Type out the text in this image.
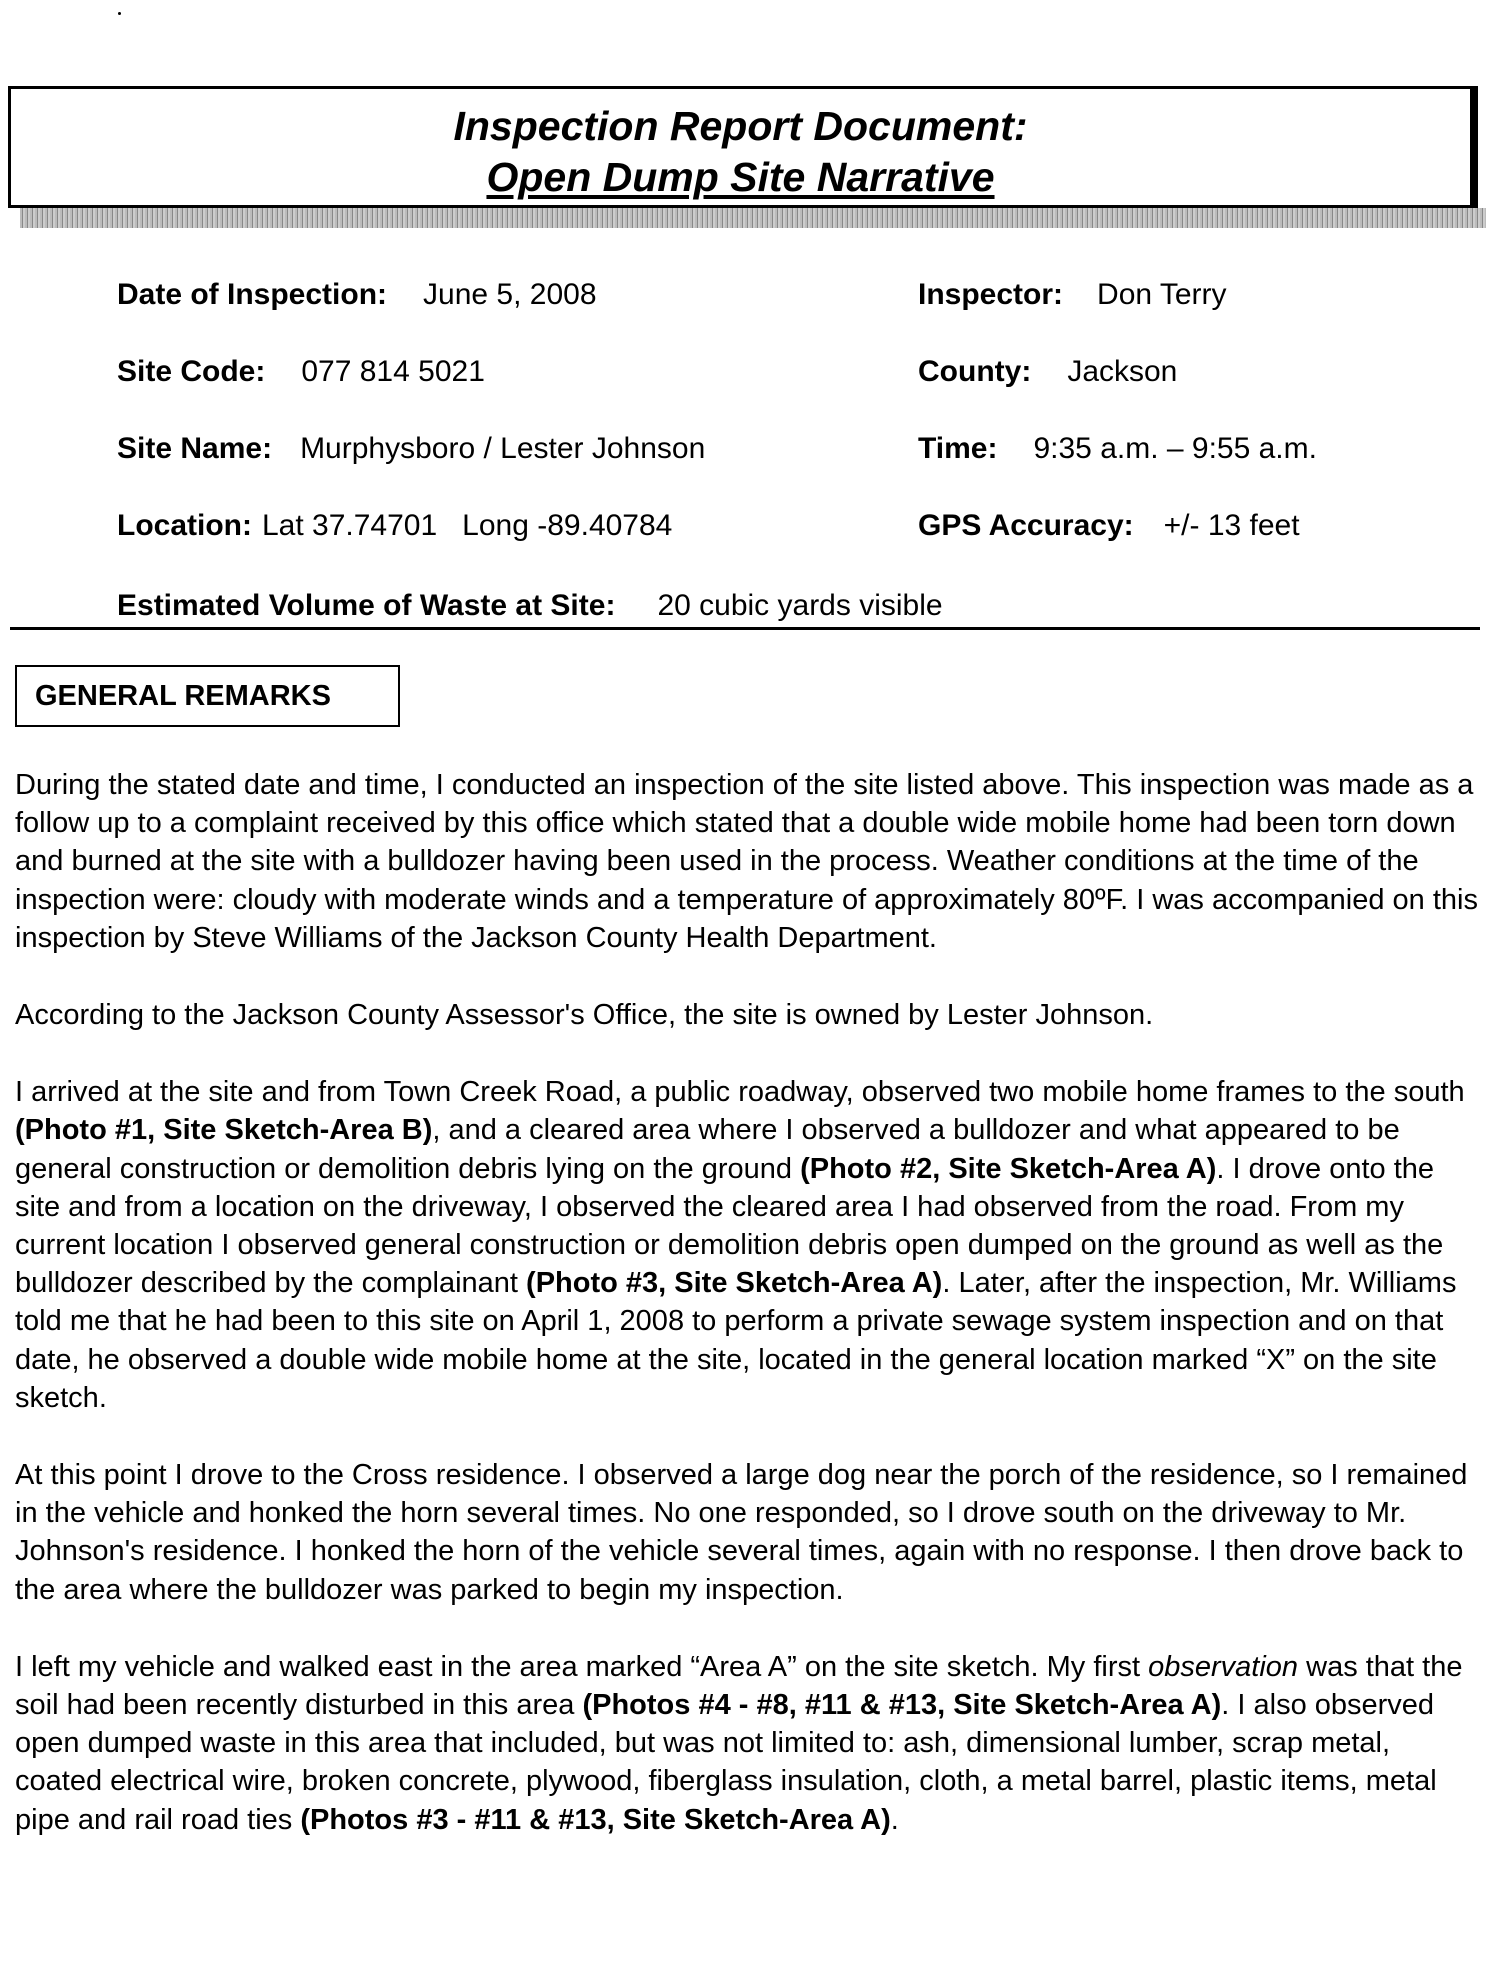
Inspection Report Document:
Open Dump Site Narrative
Date of Inspection: June 5, 2008	Inspector: Don Terry
Site Code: 077 814 5021	County: Jackson
Site Name: Murphysboro / Lester Johnson	Time: 9:35 a.m. – 9:55 a.m.
Location: Lat 37.74701   Long -89.40784	GPS Accuracy: +/- 13 feet
Estimated Volume of Waste at Site: 20 cubic yards visible
GENERAL REMARKS

During the stated date and time, I conducted an inspection of the site listed above. This inspection was made as a follow up to a complaint received by this office which stated that a double wide mobile home had been torn down and burned at the site with a bulldozer having been used in the process. Weather conditions at the time of the inspection were: cloudy with moderate winds and a temperature of approximately 80ºF. I was accompanied on this inspection by Steve Williams of the Jackson County Health Department.

According to the Jackson County Assessor's Office, the site is owned by Lester Johnson.

I arrived at the site and from Town Creek Road, a public roadway, observed two mobile home frames to the south (Photo #1, Site Sketch-Area B), and a cleared area where I observed a bulldozer and what appeared to be general construction or demolition debris lying on the ground (Photo #2, Site Sketch-Area A). I drove onto the site and from a location on the driveway, I observed the cleared area I had observed from the road. From my current location I observed general construction or demolition debris open dumped on the ground as well as the bulldozer described by the complainant (Photo #3, Site Sketch-Area A). Later, after the inspection, Mr. Williams told me that he had been to this site on April 1, 2008 to perform a private sewage system inspection and on that date, he observed a double wide mobile home at the site, located in the general location marked “X” on the site sketch.

At this point I drove to the Cross residence. I observed a large dog near the porch of the residence, so I remained in the vehicle and honked the horn several times. No one responded, so I drove south on the driveway to Mr. Johnson's residence. I honked the horn of the vehicle several times, again with no response. I then drove back to the area where the bulldozer was parked to begin my inspection.

I left my vehicle and walked east in the area marked “Area A” on the site sketch. My first observation was that the soil had been recently disturbed in this area (Photos #4 - #8, #11 & #13, Site Sketch-Area A). I also observed open dumped waste in this area that included, but was not limited to: ash, dimensional lumber, scrap metal, coated electrical wire, broken concrete, plywood, fiberglass insulation, cloth, a metal barrel, plastic items, metal pipe and rail road ties (Photos #3 - #11 & #13, Site Sketch-Area A).
